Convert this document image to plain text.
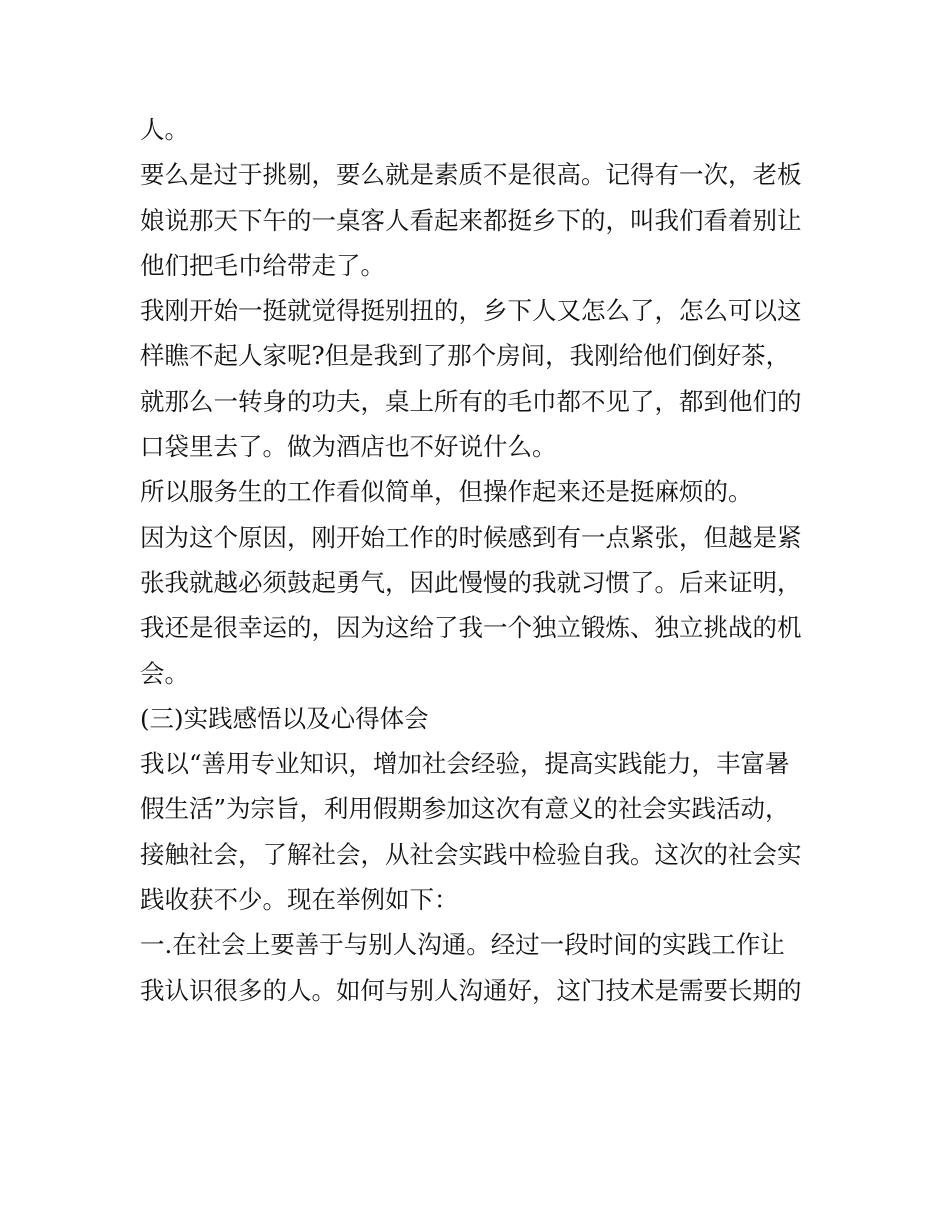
人。

要么是过于挑剔，要么就是素质不是很高。记得有一次，老板

娘说那天下午的一桌客人看起来都挺乡下的，叫我们看着别让

他们把毛巾给带走了。

我刚开始一挺就觉得挺别扭的，乡下人又怎么了，怎么可以这

样瞧不起人家呢?但是我到了那个房间，我刚给他们倒好茶，

就那么一转身的功夫，桌上所有的毛巾都不见了，都到他们的

口袋里去了。做为酒店也不好说什么。

所以服务生的工作看似简单，但操作起来还是挺麻烦的。

因为这个原因，刚开始工作的时候感到有一点紧张，但越是紧

张我就越必须鼓起勇气，因此慢慢的我就习惯了。后来证明，

我还是很幸运的，因为这给了我一个独立锻炼、独立挑战的机

会。

(三)实践感悟以及心得体会

我以“善用专业知识，增加社会经验，提高实践能力，丰富暑

假生活”为宗旨，利用假期参加这次有意义的社会实践活动，

接触社会，了解社会，从社会实践中检验自我。这次的社会实

践收获不少。现在举例如下：

一.在社会上要善于与别人沟通。经过一段时间的实践工作让

我认识很多的人。如何与别人沟通好，这门技术是需要长期的
